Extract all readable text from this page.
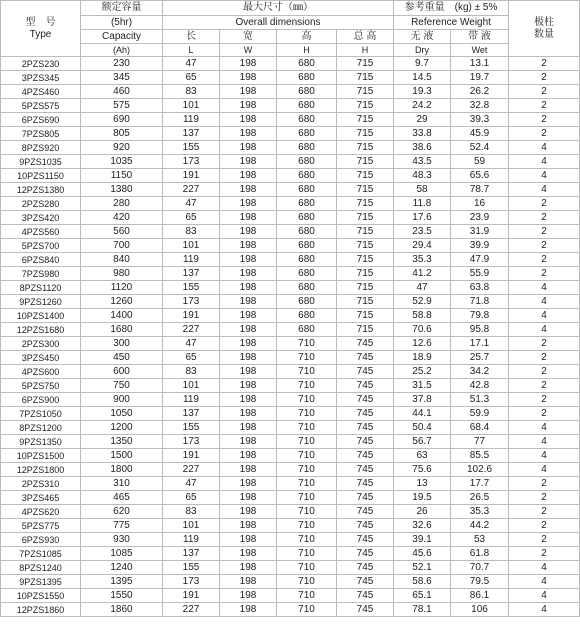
型　号
Type	额定容量	最大尺寸（㎜）				参考重量　(kg) ± 5%		极柱
数量

	(5hr)	Overall dimensions				Reference Weight		
	Capacity	长	宽	高	总 高	无 液	带 液	
	(Ah)	L	W	H	H	Dry	Wet	
2PZS230	230	47	198	680	715	9.7	13.1	2
3PZS345	345	65	198	680	715	14.5	19.7	2
4PZS460	460	83	198	680	715	19.3	26.2	2
5PZS575	575	101	198	680	715	24.2	32.8	2
6PZS690	690	119	198	680	715	29	39.3	2
7PZS805	805	137	198	680	715	33.8	45.9	2
8PZS920	920	155	198	680	715	38.6	52.4	4
9PZS1035	1035	173	198	680	715	43.5	59	4
10PZS1150	1150	191	198	680	715	48.3	65.6	4
12PZS1380	1380	227	198	680	715	58	78.7	4
2PZS280	280	47	198	680	715	11.8	16	2
3PZS420	420	65	198	680	715	17.6	23.9	2
4PZS560	560	83	198	680	715	23.5	31.9	2
5PZS700	700	101	198	680	715	29.4	39.9	2
6PZS840	840	119	198	680	715	35.3	47.9	2
7PZS980	980	137	198	680	715	41.2	55.9	2
8PZS1120	1120	155	198	680	715	47	63.8	4
9PZS1260	1260	173	198	680	715	52.9	71.8	4
10PZS1400	1400	191	198	680	715	58.8	79.8	4
12PZS1680	1680	227	198	680	715	70.6	95.8	4
2PZS300	300	47	198	710	745	12.6	17.1	2
3PZS450	450	65	198	710	745	18.9	25.7	2
4PZS600	600	83	198	710	745	25.2	34.2	2
5PZS750	750	101	198	710	745	31.5	42.8	2
6PZS900	900	119	198	710	745	37.8	51.3	2
7PZS1050	1050	137	198	710	745	44.1	59.9	2
8PZS1200	1200	155	198	710	745	50.4	68.4	4
9PZS1350	1350	173	198	710	745	56.7	77	4
10PZS1500	1500	191	198	710	745	63	85.5	4
12PZS1800	1800	227	198	710	745	75.6	102.6	4
2PZS310	310	47	198	710	745	13	17.7	2
3PZS465	465	65	198	710	745	19.5	26.5	2
4PZS620	620	83	198	710	745	26	35.3	2
5PZS775	775	101	198	710	745	32.6	44.2	2
6PZS930	930	119	198	710	745	39.1	53	2
7PZS1085	1085	137	198	710	745	45.6	61.8	2
8PZS1240	1240	155	198	710	745	52.1	70.7	4
9PZS1395	1395	173	198	710	745	58.6	79.5	4
10PZS1550	1550	191	198	710	745	65.1	86.1	4
12PZS1860	1860	227	198	710	745	78.1	106	4
